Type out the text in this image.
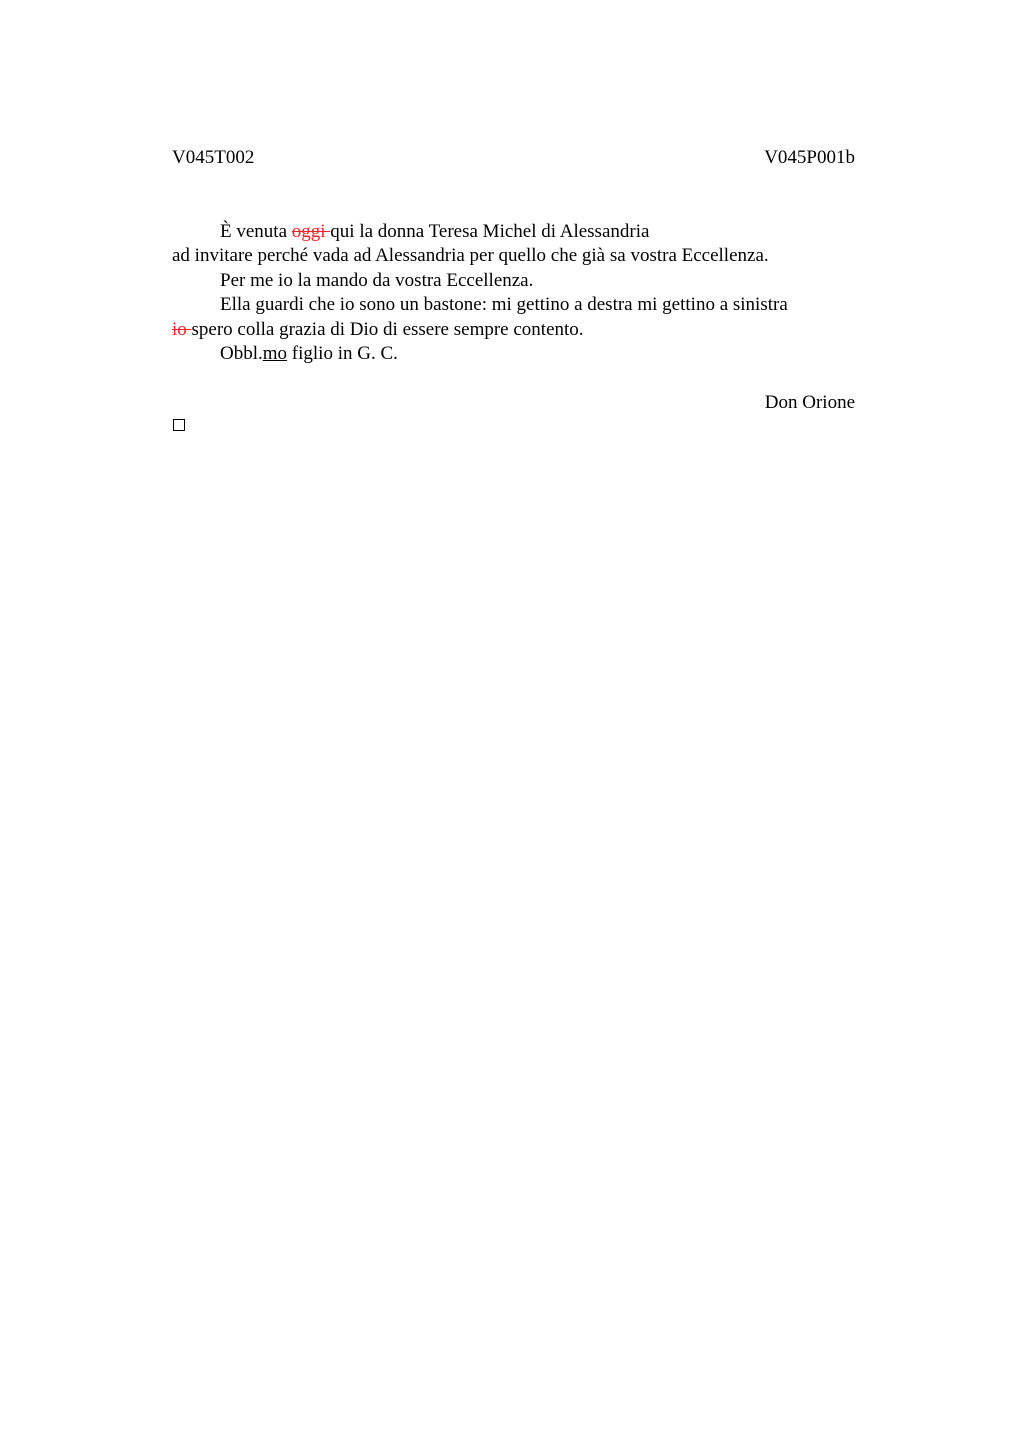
V045T002	V045P001b
È venuta oggi qui la donna Teresa Michel di Alessandria
ad invitare perché vada ad Alessandria per quello che già sa vostra Eccellenza.
Per me io la mando da vostra Eccellenza.
Ella guardi che io sono un bastone: mi gettino a destra mi gettino a sinistra
io spero colla grazia di Dio di essere sempre contento.
Obbl.mo figlio in G. C.
Don Orione
